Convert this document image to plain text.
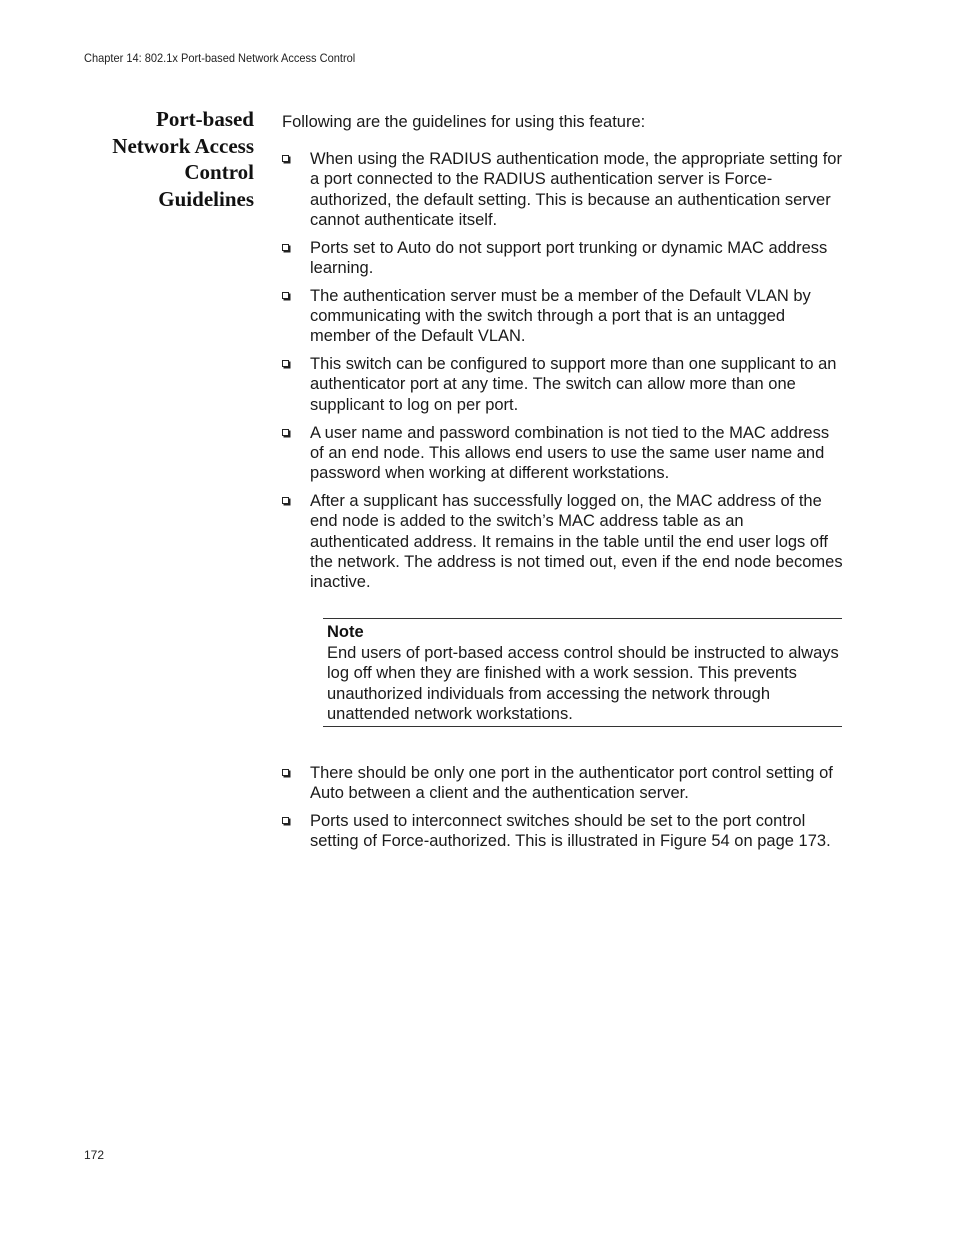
Chapter 14: 802.1x Port-based Network Access Control
Port-based
Network Access
Control
Guidelines
Following are the guidelines for using this feature:
When using the RADIUS authentication mode, the appropriate setting for a port connected to the RADIUS authentication server is Force-authorized, the default setting. This is because an authentication server cannot authenticate itself.
Ports set to Auto do not support port trunking or dynamic MAC address learning.
The authentication server must be a member of the Default VLAN by communicating with the switch through a port that is an untagged member of the Default VLAN.
This switch can be configured to support more than one supplicant to an authenticator port at any time. The switch can allow more than one supplicant to log on per port.
A user name and password combination is not tied to the MAC address of an end node. This allows end users to use the same user name and password when working at different workstations.
After a supplicant has successfully logged on, the MAC address of the end node is added to the switch’s MAC address table as an authenticated address. It remains in the table until the end user logs off the network. The address is not timed out, even if the end node becomes inactive.
Note
End users of port-based access control should be instructed to always log off when they are finished with a work session. This prevents unauthorized individuals from accessing the network through unattended network workstations.
There should be only one port in the authenticator port control setting of Auto between a client and the authentication server.
Ports used to interconnect switches should be set to the port control setting of Force-authorized. This is illustrated in Figure 54 on page 173.
172
